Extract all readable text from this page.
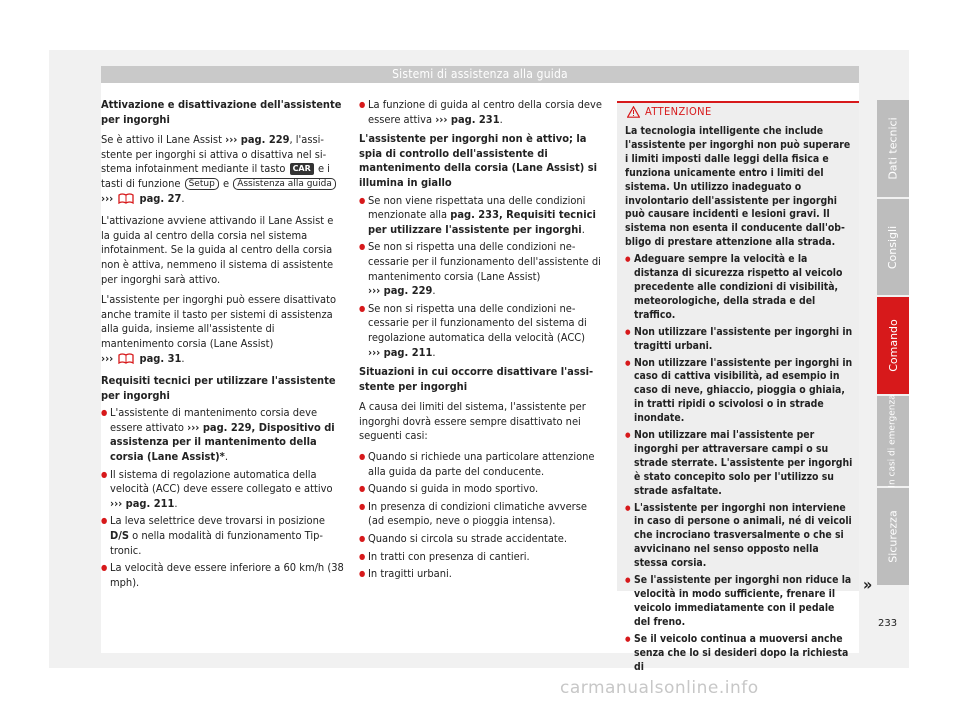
Sistemi di assistenza alla guida

Attivazione e disattivazione dell'assistente per ingorghi

Se è attivo il Lane Assist ››› pag. 229, l'assistente per ingorghi si attiva o disattiva nel sistema infotainment mediante il tasto CAR e i tasti di funzione Setup e Assistenza alla guida ››› pag. 27.

L'attivazione avviene attivando il Lane Assist e la guida al centro della corsia nel sistema infotainment. Se la guida al centro della corsia non è attiva, nemmeno il sistema di assistente per ingorghi sarà attivo.

L'assistente per ingorghi può essere disattivato anche tramite il tasto per sistemi di assistenza alla guida, insieme all'assistente di mantenimento corsia (Lane Assist)
››› pag. 31.

Requisiti tecnici per utilizzare l'assistente per ingorghi

● L'assistente di mantenimento corsia deve essere attivato ››› pag. 229, Dispositivo di assistenza per il mantenimento della corsia (Lane Assist)*.

● Il sistema di regolazione automatica della velocità (ACC) deve essere collegato e attivo ››› pag. 211.

● La leva selettrice deve trovarsi in posizione D/S o nella modalità di funzionamento Tiptronic.

● La velocità deve essere inferiore a 60 km/h (38 mph).

● La funzione di guida al centro della corsia deve essere attiva ››› pag. 231.

L'assistente per ingorghi non è attivo; la spia di controllo dell'assistente di mantenimento della corsia (Lane Assist) si illumina in giallo

● Se non viene rispettata una delle condizioni menzionate alla pag. 233, Requisiti tecnici per utilizzare l'assistente per ingorghi.

● Se non si rispetta una delle condizioni necessarie per il funzionamento dell'assistente di mantenimento corsia (Lane Assist)
››› pag. 229.

● Se non si rispetta una delle condizioni necessarie per il funzionamento del sistema di regolazione automatica della velocità (ACC)
››› pag. 211.

Situazioni in cui occorre disattivare l'assistente per ingorghi

A causa dei limiti del sistema, l'assistente per ingorghi dovrà essere sempre disattivato nei seguenti casi:

● Quando si richiede una particolare attenzione alla guida da parte del conducente.

● Quando si guida in modo sportivo.

● In presenza di condizioni climatiche avverse (ad esempio, neve o pioggia intensa).

● Quando si circola su strade accidentate.

● In tratti con presenza di cantieri.

● In tragitti urbani.

ATTENZIONE

La tecnologia intelligente che include l'assistente per ingorghi non può superare i limiti imposti dalle leggi della fisica e funziona unicamente entro i limiti del sistema. Un utilizzo inadeguato o involontario dell'assistente per ingorghi può causare incidenti e lesioni gravi. Il sistema non esenta il conducente dall'obbligo di prestare attenzione alla strada.

● Adeguare sempre la velocità e la distanza di sicurezza rispetto al veicolo precedente alle condizioni di visibilità, meteorologiche, della strada e del traffico.

● Non utilizzare l'assistente per ingorghi in tragitti urbani.

● Non utilizzare l'assistente per ingorghi in caso di cattiva visibilità, ad esempio in caso di neve, ghiaccio, pioggia o ghiaia, in tratti ripidi o scivolosi o in strade inondate.

● Non utilizzare mai l'assistente per ingorghi per attraversare campi o su strade sterrate. L'assistente per ingorghi è stato concepito solo per l'utilizzo su strade asfaltate.

● L'assistente per ingorghi non interviene in caso di persone o animali, né di veicoli che incrociano trasversalmente o che si avvicinano nel senso opposto nella stessa corsia.

● Se l'assistente per ingorghi non riduce la velocità in modo sufficiente, frenare il veicolo immediatamente con il pedale del freno.

● Se il veicolo continua a muoversi anche senza che lo si desideri dopo la richiesta di

»
Dati tecnici
Consigli
Comando
In casi di emergenza
Sicurezza
233
carmanualsonline.info
